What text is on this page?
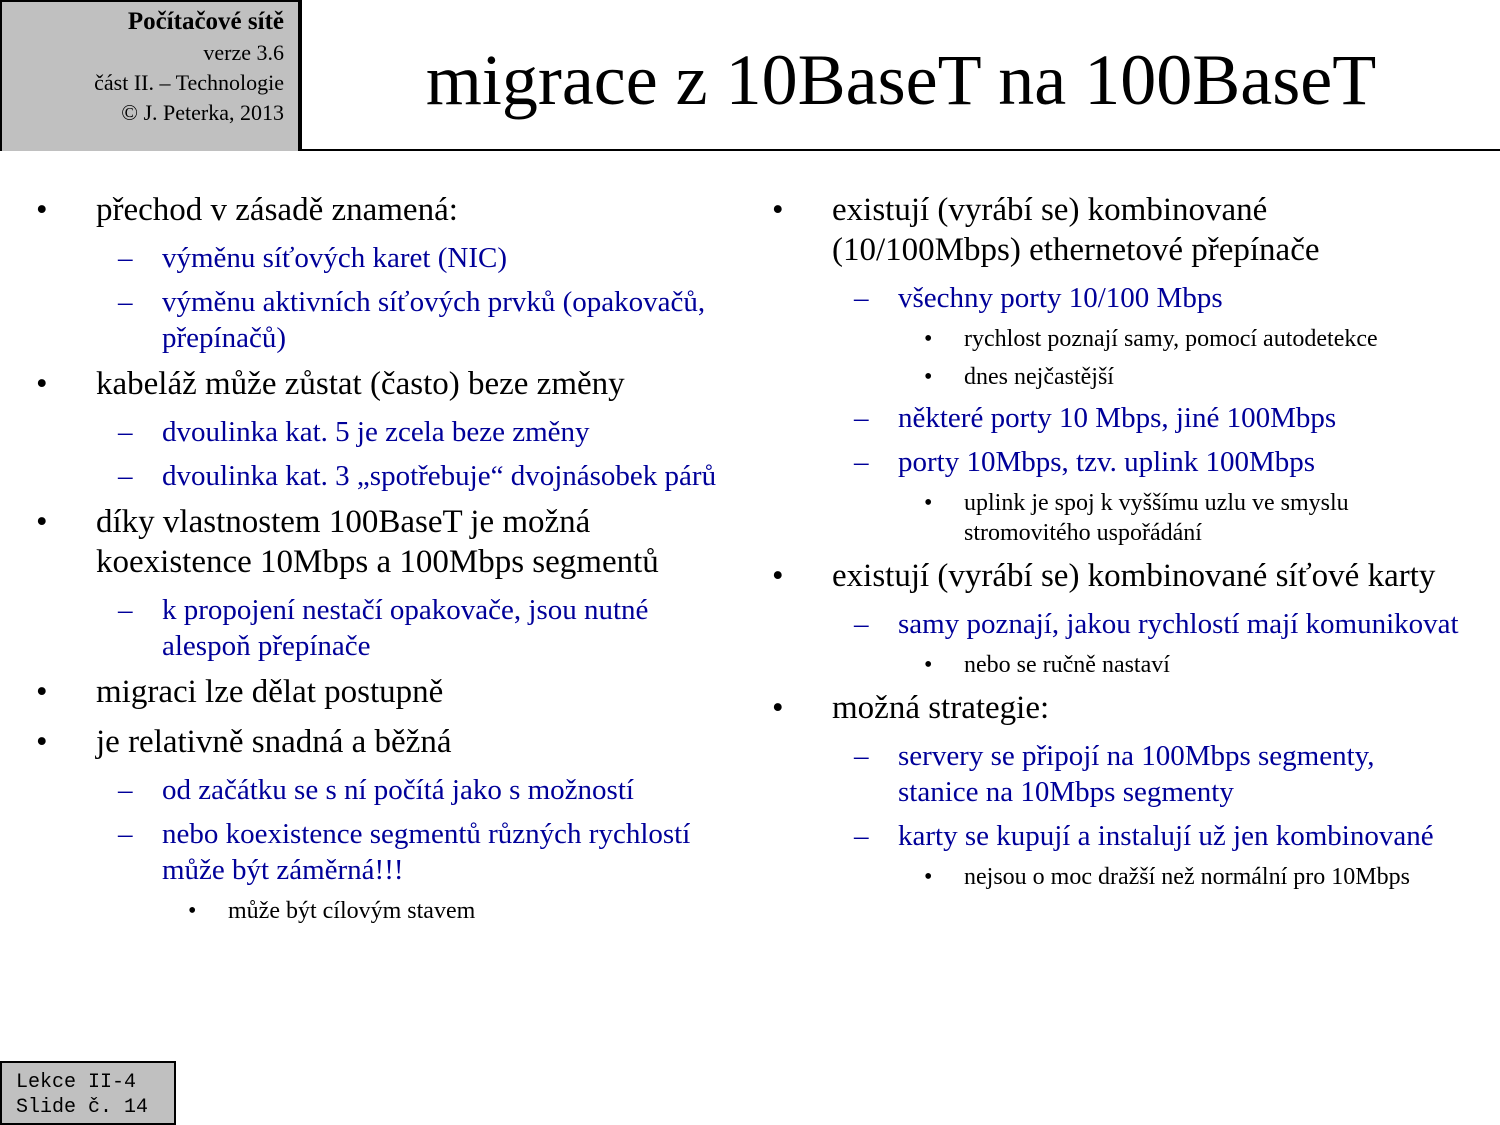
Počítačové sítě
verze 3.6
část II. – Technologie
© J. Peterka, 2013	migrace z 10BaseT na 100BaseT
• přechod v zásadě znamená:
– výměnu síťových karet (NIC)
– výměnu aktivních síťových prvků (opakovačů, přepínačů)
• kabeláž může zůstat (často) beze změny
– dvoulinka kat. 5 je zcela beze změny
– dvoulinka kat. 3 „spotřebuje“ dvojnásobek párů
• díky vlastnostem 100BaseT je možná koexistence 10Mbps a 100Mbps segmentů
– k propojení nestačí opakovače, jsou nutné alespoň přepínače
• migraci lze dělat postupně
• je relativně snadná a běžná
– od začátku se s ní počítá jako s možností
– nebo koexistence segmentů různých rychlostí může být záměrná!!!
• může být cílovým stavem
• existují (vyrábí se) kombinované (10/100Mbps) ethernetové přepínače
– všechny porty 10/100 Mbps
• rychlost poznají samy, pomocí autodetekce
• dnes nejčastější
– některé porty 10 Mbps, jiné 100Mbps
– porty 10Mbps, tzv. uplink 100Mbps
• uplink je spoj k vyššímu uzlu ve smyslu stromovitého uspořádání
• existují (vyrábí se) kombinované síťové karty
– samy poznají, jakou rychlostí mají komunikovat
• nebo se ručně nastaví
• možná strategie:
– servery se připojí na 100Mbps segmenty, stanice na 10Mbps segmenty
– karty se kupují a instalují už jen kombinované
• nejsou o moc dražší než normální pro 10Mbps
Lekce II-4
Slide č. 14
